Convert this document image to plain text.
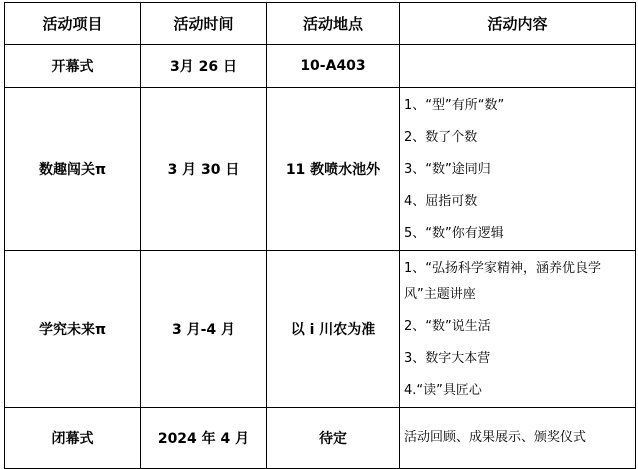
活动项目	活动时间	活动地点	活动内容
开幕式	3月 26 日	10-A403	
数趣闯关π	3 月 30 日	11 教喷水池外	1、“型”有所“数”
2、数了个数
3、“数”途同归
4、屈指可数
5、“数”你有逻辑

学究未来π	3 月-4 月	以 i 川农为准	1、“弘扬科学家精神，涵养优良学风”主题讲座
2、“数”说生活
3、数字大本营
4.“读”具匠心

闭幕式	2024 年 4 月	待定	活动回顾、成果展示、颁奖仪式
